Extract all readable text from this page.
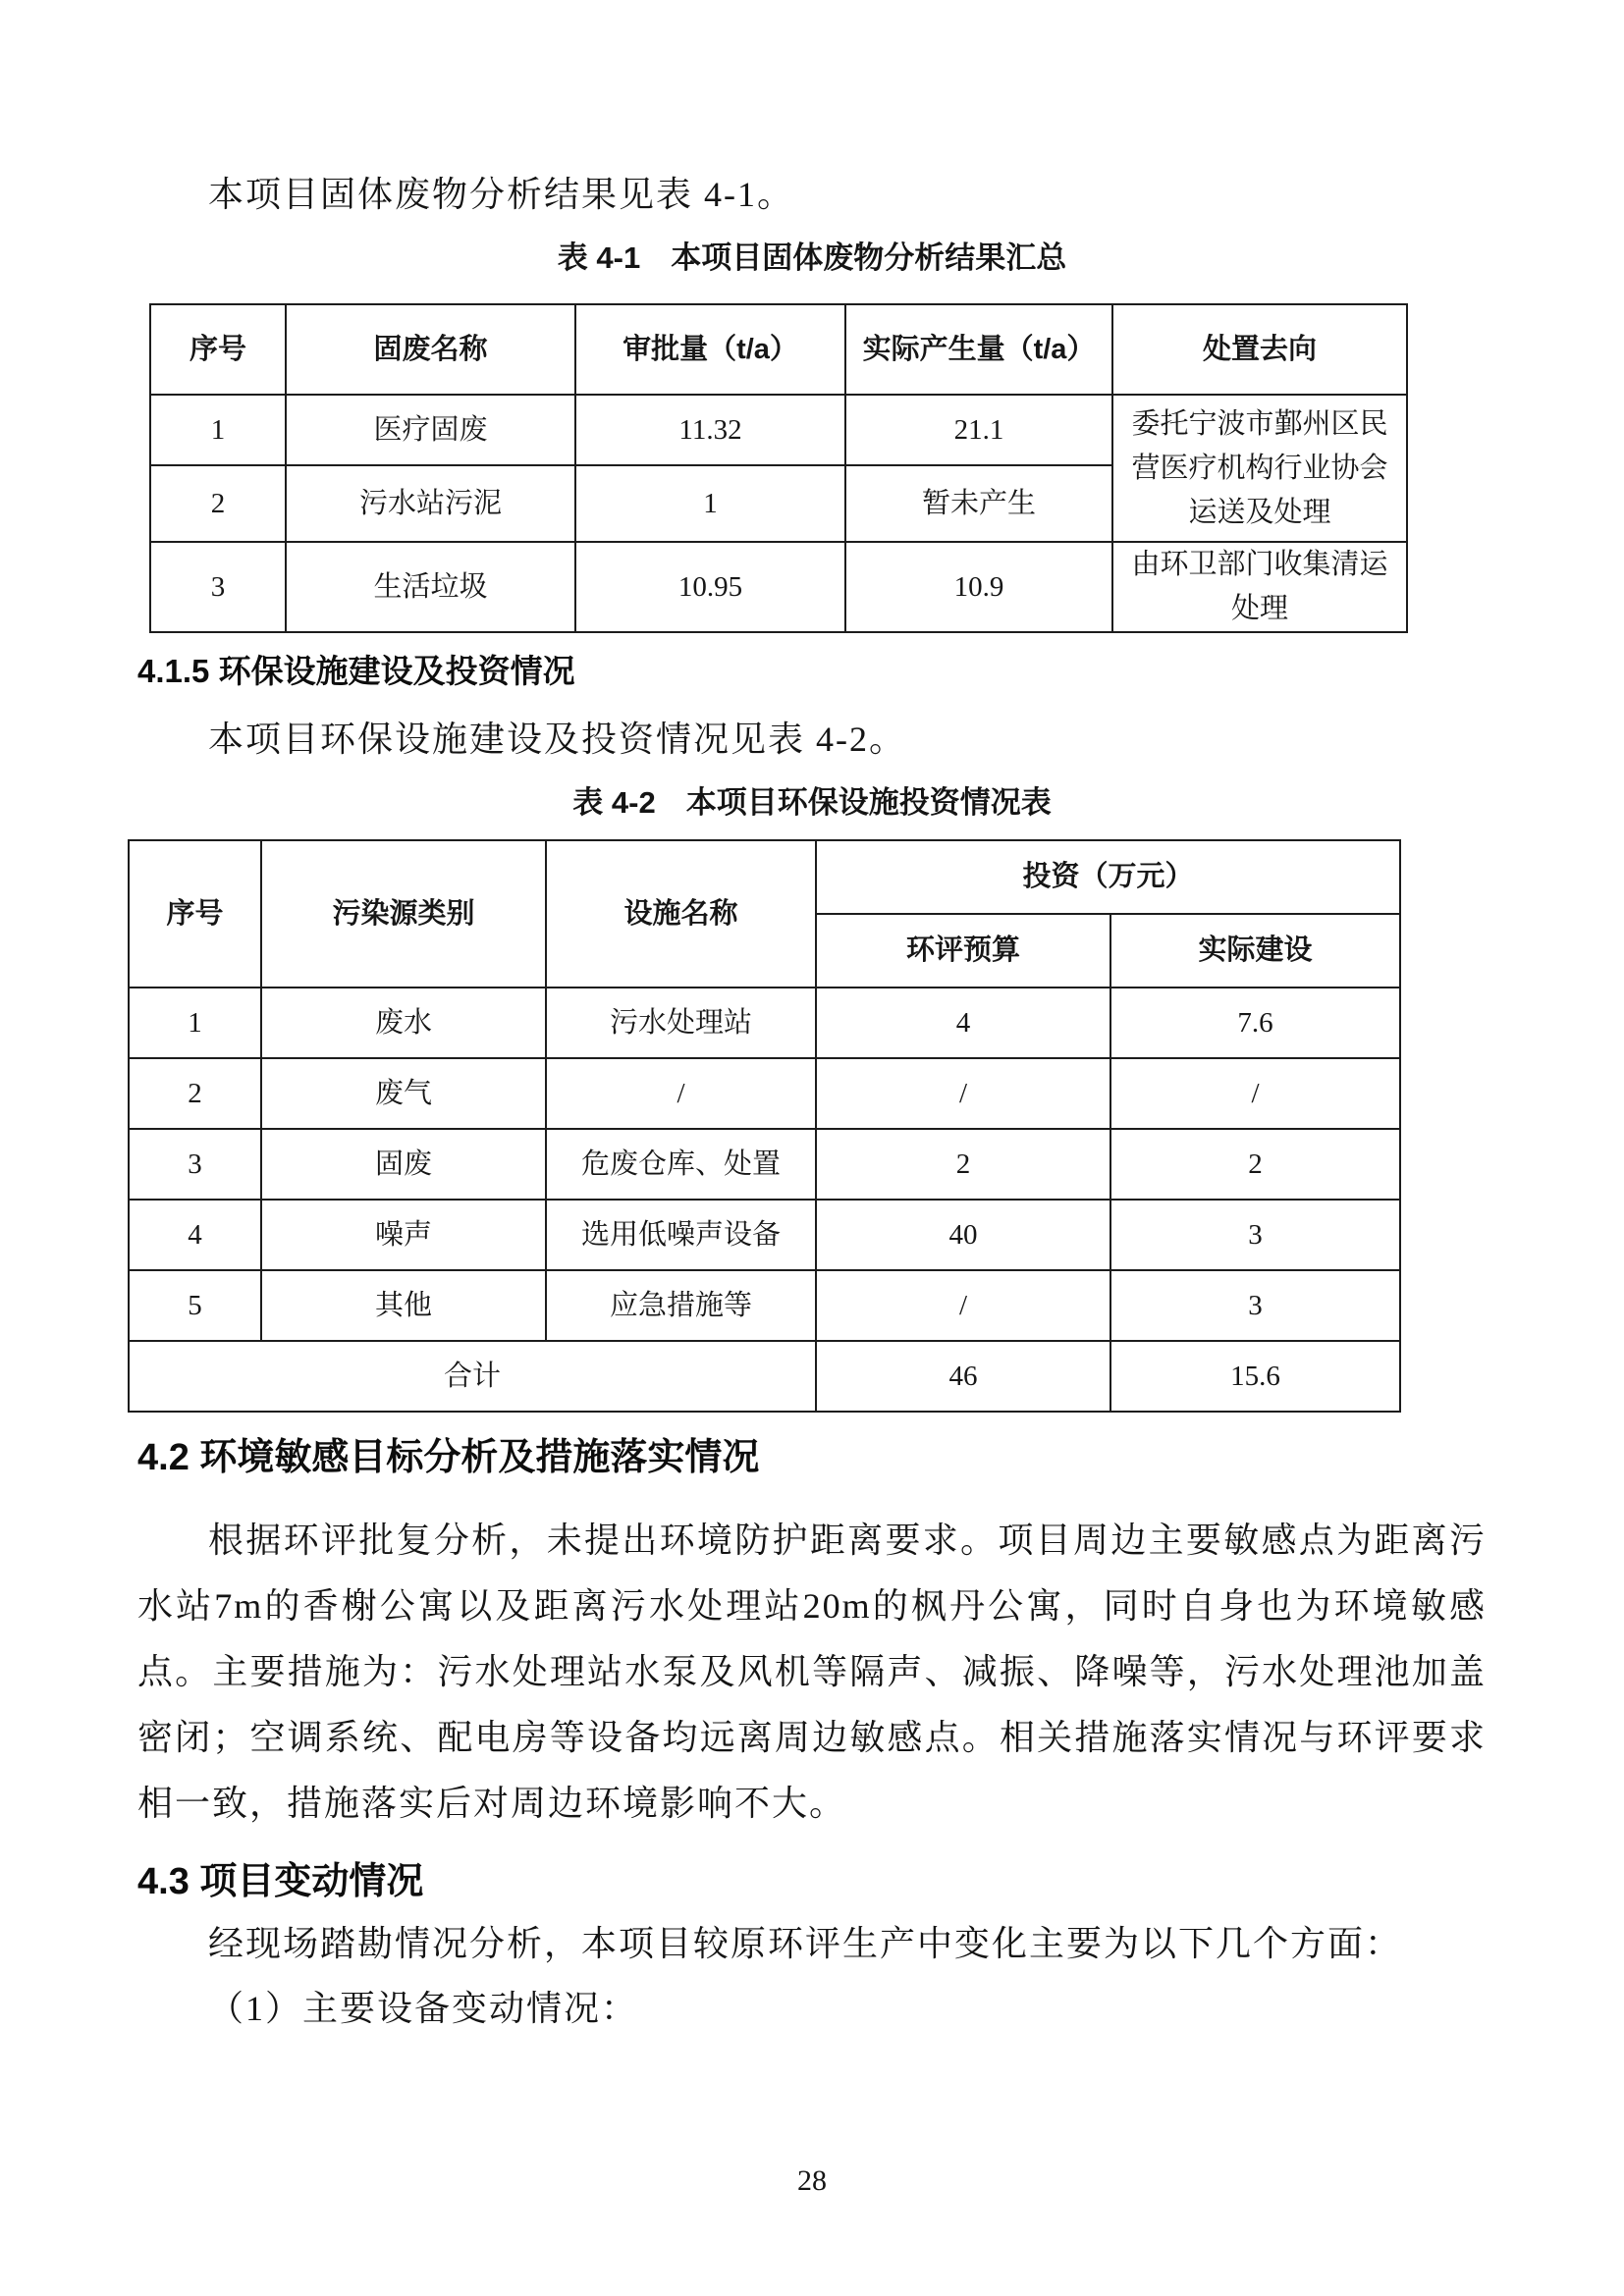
本项目固体废物分析结果见表 4-1。

表 4-1　本项目固体废物分析结果汇总

序号	固废名称	审批量（t/a）	实际产生量（t/a）	处置去向
1	医疗固废	11.32	21.1	委托宁波市鄞州区民营医疗机构行业协会运送及处理
2	污水站污泥	1	暂未产生	
3	生活垃圾	10.95	10.9	由环卫部门收集清运处理
4.1.5 环保设施建设及投资情况

本项目环保设施建设及投资情况见表 4-2。

表 4-2　本项目环保设施投资情况表

序号	污染源类别	设施名称	投资（万元）	
			环评预算	实际建设
1	废水	污水处理站	4	7.6
2	废气	/	/	/
3	固废	危废仓库、处置	2	2
4	噪声	选用低噪声设备	40	3
5	其他	应急措施等	/	3
合计			46	15.6
4.2 环境敏感目标分析及措施落实情况

根据环评批复分析，未提出环境防护距离要求。项目周边主要敏感点为距离污水站7m的香榭公寓以及距离污水处理站20m的枫丹公寓，同时自身也为环境敏感点。主要措施为：污水处理站水泵及风机等隔声、减振、降噪等，污水处理池加盖密闭；空调系统、配电房等设备均远离周边敏感点。相关措施落实情况与环评要求相一致，措施落实后对周边环境影响不大。

4.3 项目变动情况

经现场踏勘情况分析，本项目较原环评生产中变化主要为以下几个方面：

（1）主要设备变动情况：

28
